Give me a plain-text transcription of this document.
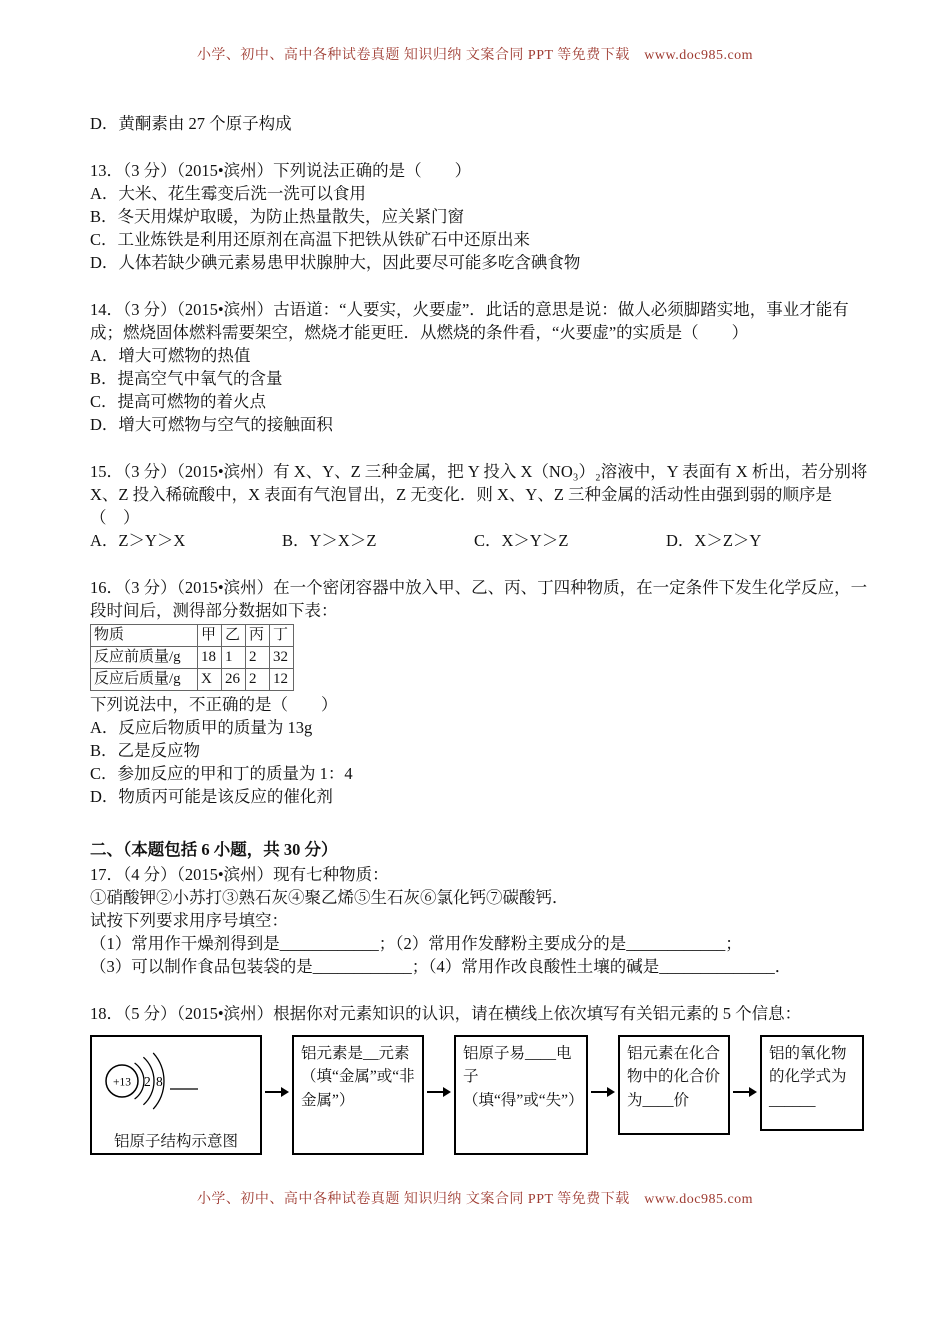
小学、初中、高中各种试卷真题 知识归纳 文案合同 PPT 等免费下载　www.doc985.com

D．黄酮素由 27 个原子构成

13．（3 分）（2015•滨州）下列说法正确的是（　　）

A．大米、花生霉变后洗一洗可以食用

B．冬天用煤炉取暖，为防止热量散失，应关紧门窗

C．工业炼铁是利用还原剂在高温下把铁从铁矿石中还原出来

D．人体若缺少碘元素易患甲状腺肿大，因此要尽可能多吃含碘食物

14．（3 分）（2015•滨州）古语道：“人要实，火要虚”．此话的意思是说：做人必须脚踏实地，事业才能有成；燃烧固体燃料需要架空，燃烧才能更旺．从燃烧的条件看，“火要虚”的实质是（　　）

A．增大可燃物的热值

B．提高空气中氧气的含量

C．提高可燃物的着火点

D．增大可燃物与空气的接触面积

15．（3 分）（2015•滨州）有 X、Y、Z 三种金属，把 Y 投入 X（NO₃）₂溶液中，Y 表面有 X 析出，若分别将 X、Z 投入稀硫酸中，X 表面有气泡冒出，Z 无变化．则 X、Y、Z 三种金属的活动性由强到弱的顺序是（　）

A．Z＞Y＞X	B．Y＞X＞Z	C．X＞Y＞Z	D．X＞Z＞Y

16．（3 分）（2015•滨州）在一个密闭容器中放入甲、乙、丙、丁四种物质，在一定条件下发生化学反应，一段时间后，测得部分数据如下表：

物质	甲	乙	丙	丁
反应前质量/g	18	1	2	32
反应后质量/g	X	26	2	12

下列说法中，不正确的是（　　）

A．反应后物质甲的质量为 13g

B．乙是反应物

C．参加反应的甲和丁的质量为 1：4

D．物质丙可能是该反应的催化剂

二、（本题包括 6 小题，共 30 分）

17．（4 分）（2015•滨州）现有七种物质：

①硝酸钾②小苏打③熟石灰④聚乙烯⑤生石灰⑥氯化钙⑦碳酸钙．

试按下列要求用序号填空：

（1）常用作干燥剂得到是____________；（2）常用作发酵粉主要成分的是____________；

（3）可以制作食品包装袋的是____________；（4）常用作改良酸性土壤的碱是______________．

18．（5 分）（2015•滨州）根据你对元素知识的认识，请在横线上依次填写有关铝元素的 5 个信息：

+13 2 8
铝原子结构示意图
铝元素是__元素（填“金属”或“非金属”）
铝原子易____电子（填“得”或“失”）
铝元素在化合物中的化合价为____价
铝的氧化物的化学式为______
小学、初中、高中各种试卷真题 知识归纳 文案合同 PPT 等免费下载　www.doc985.com
